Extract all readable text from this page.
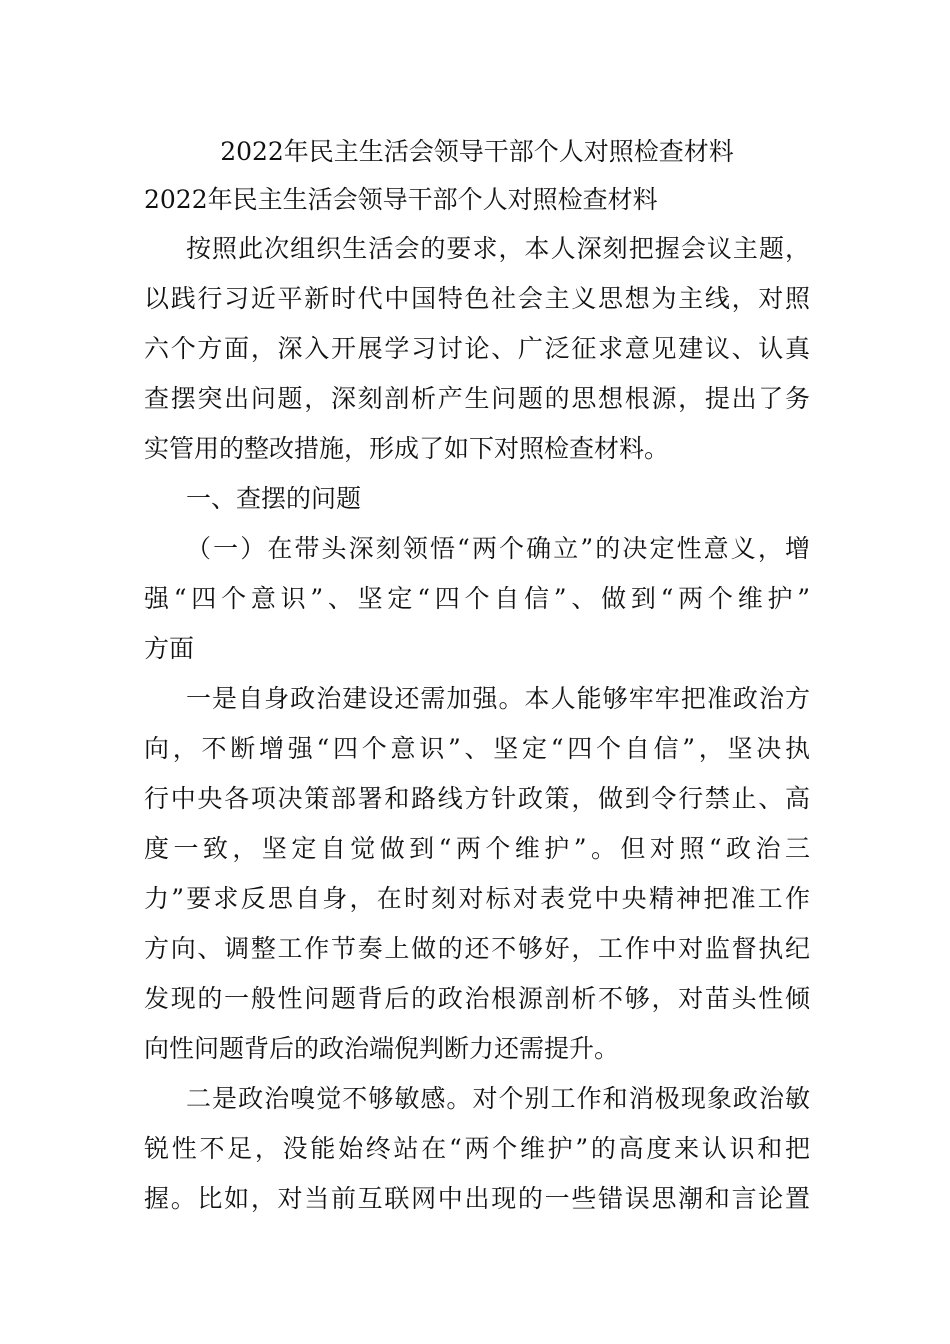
2022年民主生活会领导干部个人对照检查材料
2022年民主生活会领导干部个人对照检查材料
按照此次组织生活会的要求，本人深刻把握会议主题，
以践行习近平新时代中国特色社会主义思想为主线，对照
六个方面，深入开展学习讨论、广泛征求意见建议、认真
查摆突出问题，深刻剖析产生问题的思想根源，提出了务
实管用的整改措施，形成了如下对照检查材料。
一、查摆的问题
（一）在带头深刻领悟“两个确立”的决定性意义，增
强“四个意识”、坚定“四个自信”、做到“两个维护”
方面
一是自身政治建设还需加强。本人能够牢牢把准政治方
向，不断增强“四个意识”、坚定“四个自信”，坚决执
行中央各项决策部署和路线方针政策，做到令行禁止、高
度一致，坚定自觉做到“两个维护”。但对照“政治三
力”要求反思自身，在时刻对标对表党中央精神把准工作
方向、调整工作节奏上做的还不够好，工作中对监督执纪
发现的一般性问题背后的政治根源剖析不够，对苗头性倾
向性问题背后的政治端倪判断力还需提升。
二是政治嗅觉不够敏感。对个别工作和消极现象政治敏
锐性不足，没能始终站在“两个维护”的高度来认识和把
握。比如，对当前互联网中出现的一些错误思潮和言论置
